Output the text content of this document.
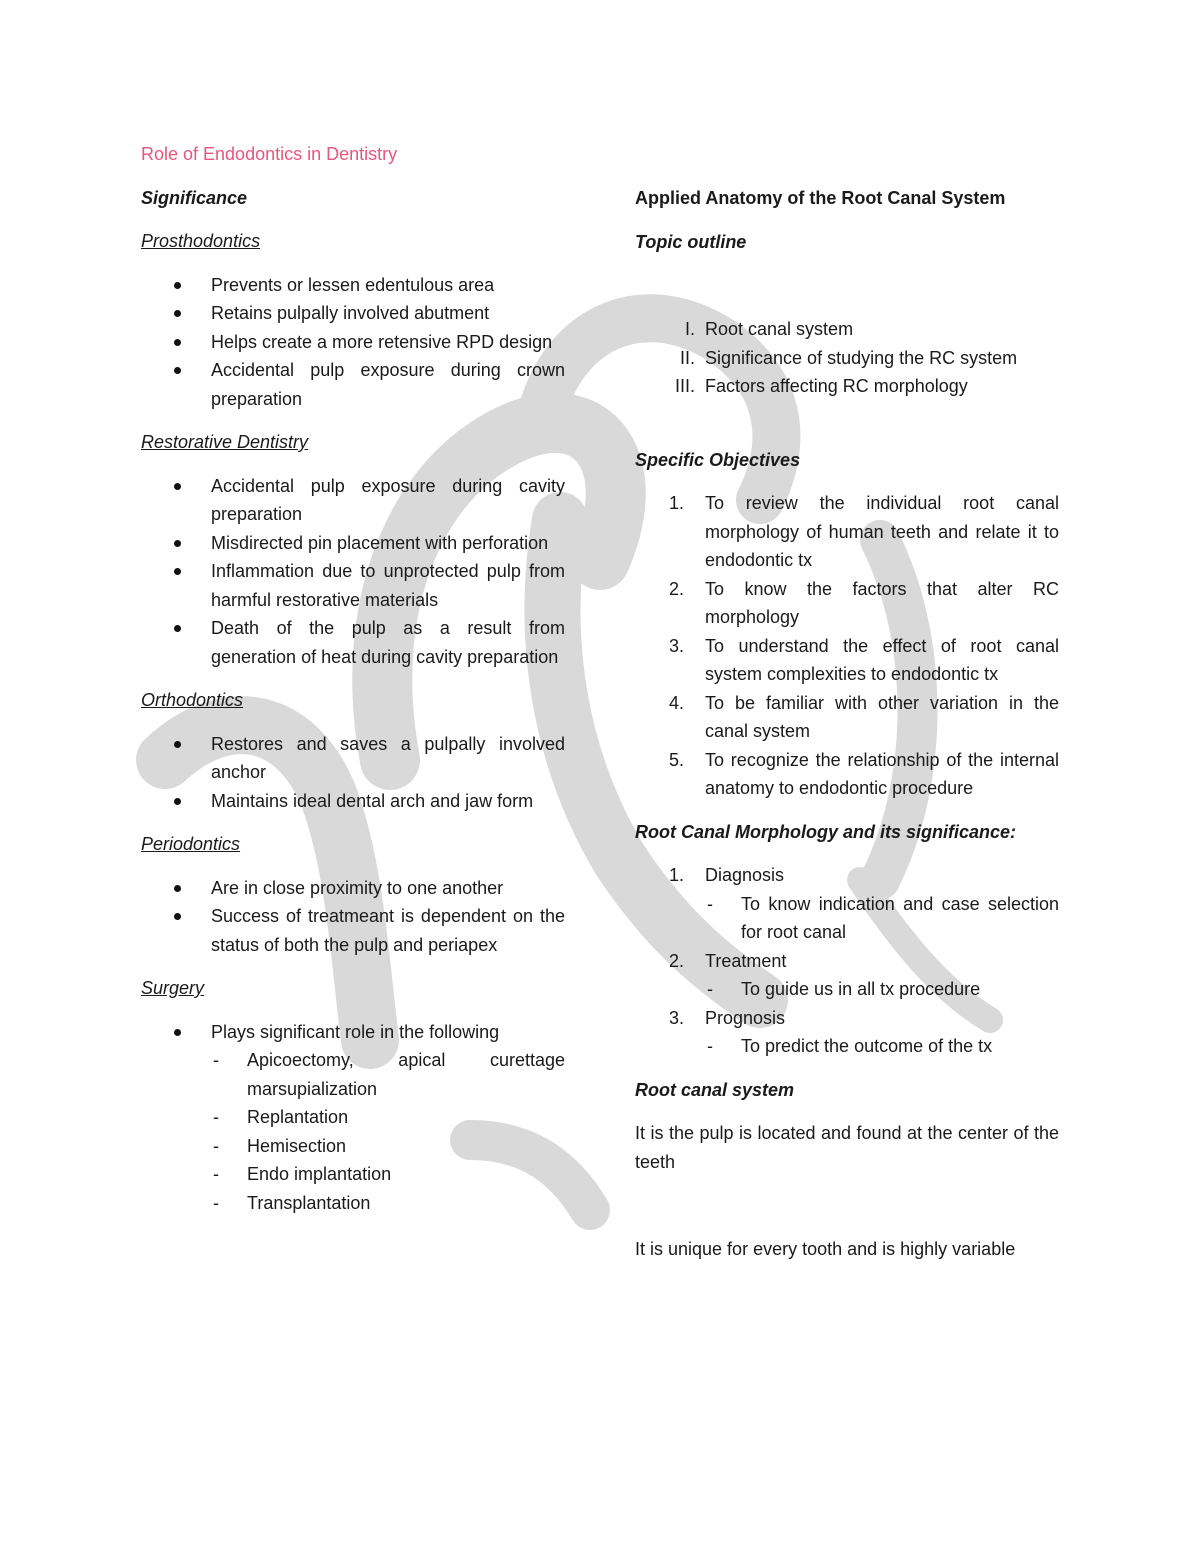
Role of Endodontics in Dentistry
Significance
Prosthodontics
Prevents or lessen edentulous area
Retains pulpally involved abutment
Helps create a more retensive RPD design
Accidental pulp exposure during crown preparation
Restorative Dentistry
Accidental pulp exposure during cavity preparation
Misdirected pin placement with perforation
Inflammation due to unprotected pulp from harmful restorative materials
Death of the pulp as a result from generation of heat during cavity preparation
Orthodontics
Restores and saves a pulpally involved anchor
Maintains ideal dental arch and jaw form
Periodontics
Are in close proximity to one another
Success of treatmeant is dependent on the status of both the pulp and periapex
Surgery
Plays significant role in the following
- Apicoectomy, apical curettage marsupialization
- Replantation
- Hemisection
- Endo implantation
- Transplantation
Applied Anatomy of the Root Canal System
Topic outline
I. Root canal system
II. Significance of studying the RC system
III. Factors affecting RC morphology
Specific Objectives
1. To review the individual root canal morphology of human teeth and relate it to endodontic tx
2. To know the factors that alter RC morphology
3. To understand the effect of root canal system complexities to endodontic tx
4. To be familiar with other variation in the canal system
5. To recognize the relationship of the internal anatomy to endodontic procedure
Root Canal Morphology and its significance:
1. Diagnosis
- To know indication and case selection for root canal
2. Treatment
- To guide us in all tx procedure
3. Prognosis
- To predict the outcome of the tx
Root canal system

It is the pulp is located and found at the center of the teeth

It is unique for every tooth and is highly variable
